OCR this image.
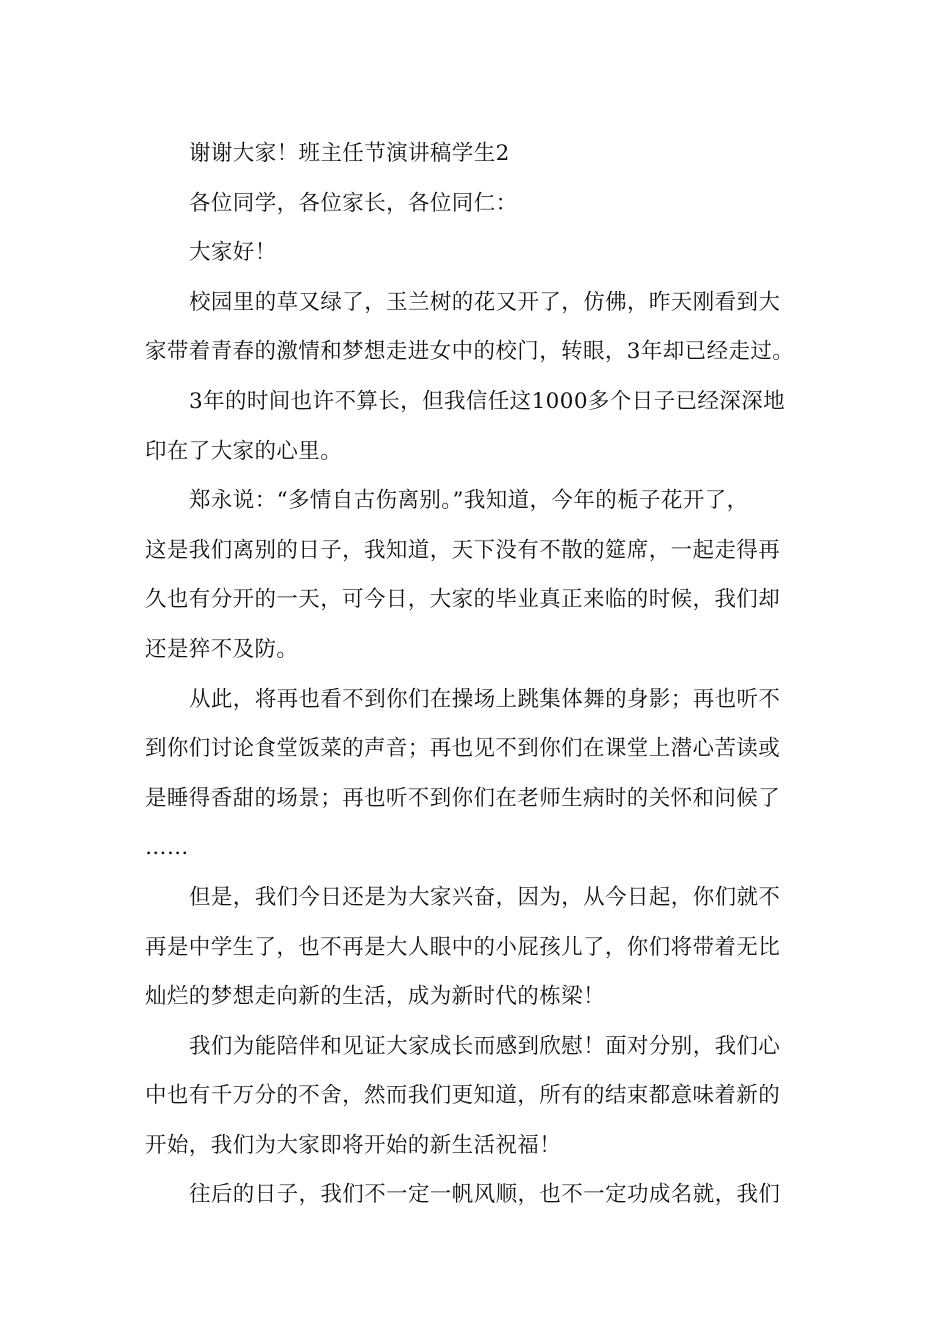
谢谢大家！班主任节演讲稿学生2
各位同学，各位家长，各位同仁：
大家好！
校园里的草又绿了，玉兰树的花又开了，仿佛，昨天刚看到大
家带着青春的激情和梦想走进女中的校门，转眼，3年却已经走过。
3年的时间也许不算长，但我信任这1000多个日子已经深深地
印在了大家的心里。
郑永说：“多情自古伤离别。”我知道，今年的栀子花开了，
这是我们离别的日子，我知道，天下没有不散的筵席，一起走得再
久也有分开的一天，可今日，大家的毕业真正来临的时候，我们却
还是猝不及防。
从此，将再也看不到你们在操场上跳集体舞的身影；再也听不
到你们讨论食堂饭菜的声音；再也见不到你们在课堂上潜心苦读或
是睡得香甜的场景；再也听不到你们在老师生病时的关怀和问候了
……
但是，我们今日还是为大家兴奋，因为，从今日起，你们就不
再是中学生了，也不再是大人眼中的小屁孩儿了，你们将带着无比
灿烂的梦想走向新的生活，成为新时代的栋梁！
我们为能陪伴和见证大家成长而感到欣慰！面对分别，我们心
中也有千万分的不舍，然而我们更知道，所有的结束都意味着新的
开始，我们为大家即将开始的新生活祝福！
往后的日子，我们不一定一帆风顺，也不一定功成名就，我们
